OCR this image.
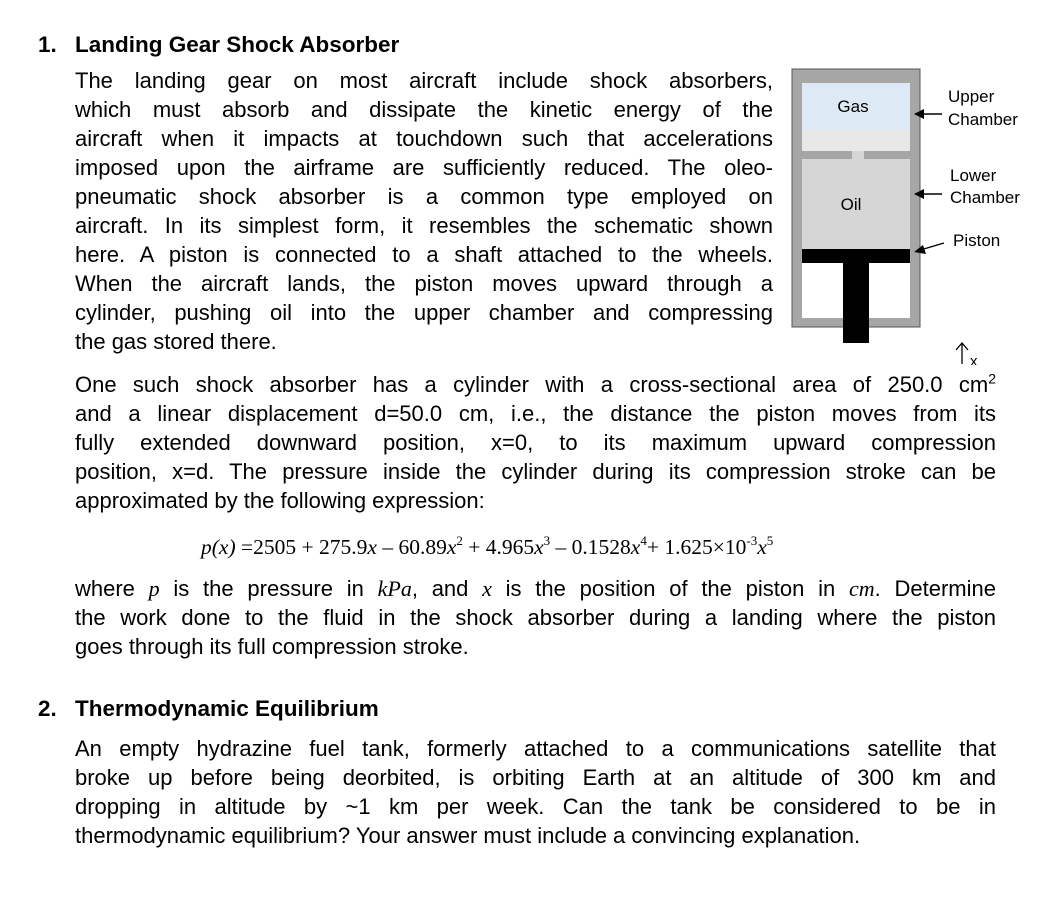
1. Landing Gear Shock Absorber
The landing gear on most aircraft include shock absorbers,
which must absorb and dissipate the kinetic energy of the
aircraft when it impacts at touchdown such that accelerations
imposed upon the airframe are sufficiently reduced. The oleo-
pneumatic shock absorber is a common type employed on
aircraft. In its simplest form, it resembles the schematic shown
here. A piston is connected to a shaft attached to the wheels.
When the aircraft lands, the piston moves upward through a
cylinder, pushing oil into the upper chamber and compressing
the gas stored there.
Gas
Oil
Upper
Chamber
Lower
Chamber
Piston
x
One such shock absorber has a cylinder with a cross-sectional area of 250.0 $cm^2$
and a linear displacement d=50.0 cm, i.e., the distance the piston moves from its
fully extended downward position, x=0, to its maximum upward compression
position, x=d. The pressure inside the cylinder during its compression stroke can be
approximated by the following expression:
$p(x) =2505 + 275.9x - 60.89x^2 + 4.965x^3 - 0.1528x^4+ 1.625\times 10^{-3}x^5$
where p is the pressure in kPa, and x is the position of the piston in cm. Determine
the work done to the fluid in the shock absorber during a landing where the piston
goes through its full compression stroke.
2. Thermodynamic Equilibrium
An empty hydrazine fuel tank, formerly attached to a communications satellite that
broke up before being deorbited, is orbiting Earth at an altitude of 300 km and
dropping in altitude by ~1 km per week. Can the tank be considered to be in
thermodynamic equilibrium? Your answer must include a convincing explanation.
